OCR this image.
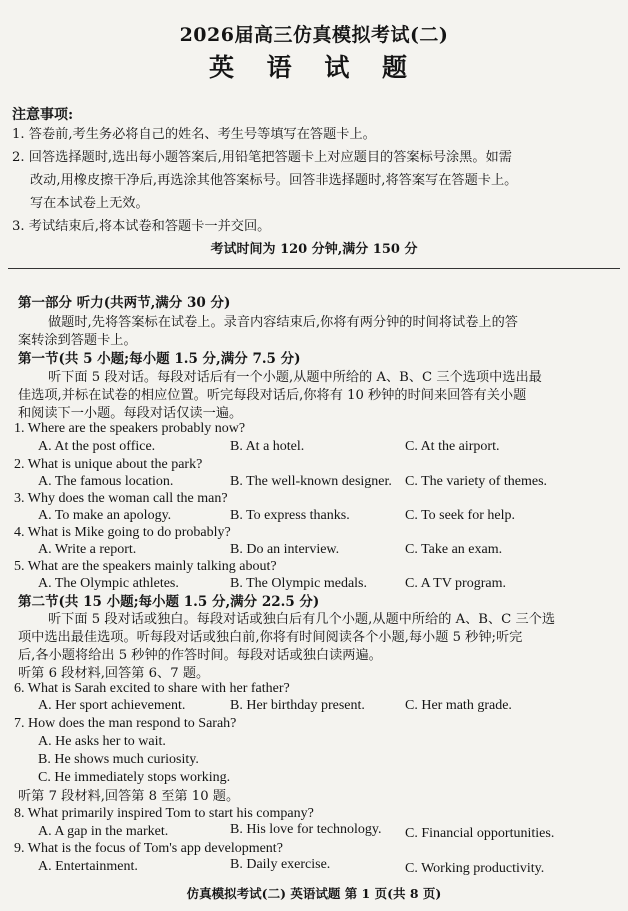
2026届高三仿真模拟考试(二)
英 语 试 题
注意事项:
1. 答卷前,考生务必将自己的姓名、考生号等填写在答题卡上。
2. 回答选择题时,选出每小题答案后,用铅笔把答题卡上对应题目的答案标号涂黑。如需
改动,用橡皮擦干净后,再选涂其他答案标号。回答非选择题时,将答案写在答题卡上。
写在本试卷上无效。
3. 考试结束后,将本试卷和答题卡一并交回。
考试时间为 120 分钟,满分 150 分
第一部分 听力(共两节,满分 30 分)
做题时,先将答案标在试卷上。录音内容结束后,你将有两分钟的时间将试卷上的答
案转涂到答题卡上。
第一节(共 5 小题;每小题 1.5 分,满分 7.5 分)
听下面 5 段对话。每段对话后有一个小题,从题中所给的 A、B、C 三个选项中选出最
佳选项,并标在试卷的相应位置。听完每段对话后,你将有 10 秒钟的时间来回答有关小题
和阅读下一小题。每段对话仅读一遍。
1. Where are the speakers probably now?
A. At the post office.	B. At a hotel.	C. At the airport.
2. What is unique about the park?
A. The famous location.	B. The well-known designer. C. The variety of themes.
3. Why does the woman call the man?
A. To make an apology.	B. To express thanks.	C. To seek for help.
4. What is Mike going to do probably?
A. Write a report.	B. Do an interview.	C. Take an exam.
5. What are the speakers mainly talking about?
A. The Olympic athletes.	B. The Olympic medals.	C. A TV program.
第二节(共 15 小题;每小题 1.5 分,满分 22.5 分)
听下面 5 段对话或独白。每段对话或独白后有几个小题,从题中所给的 A、B、C 三个选
项中选出最佳选项。听每段对话或独白前,你将有时间阅读各个小题,每小题 5 秒钟;听完
后,各小题将给出 5 秒钟的作答时间。每段对话或独白读两遍。
听第 6 段材料,回答第 6、7 题。
6. What is Sarah excited to share with her father?
A. Her sport achievement.	B. Her birthday present.	C. Her math grade.
7. How does the man respond to Sarah?
A. He asks her to wait.
B. He shows much curiosity.
C. He immediately stops working.
听第 7 段材料,回答第 8 至第 10 题。
8. What primarily inspired Tom to start his company?
A. A gap in the market.	B. His love for technology. C. Financial opportunities.
9. What is the focus of Tom's app development?
A. Entertainment.	B. Daily exercise.	C. Working productivity.
仿真模拟考试(二) 英语试题 第 1 页(共 8 页)
